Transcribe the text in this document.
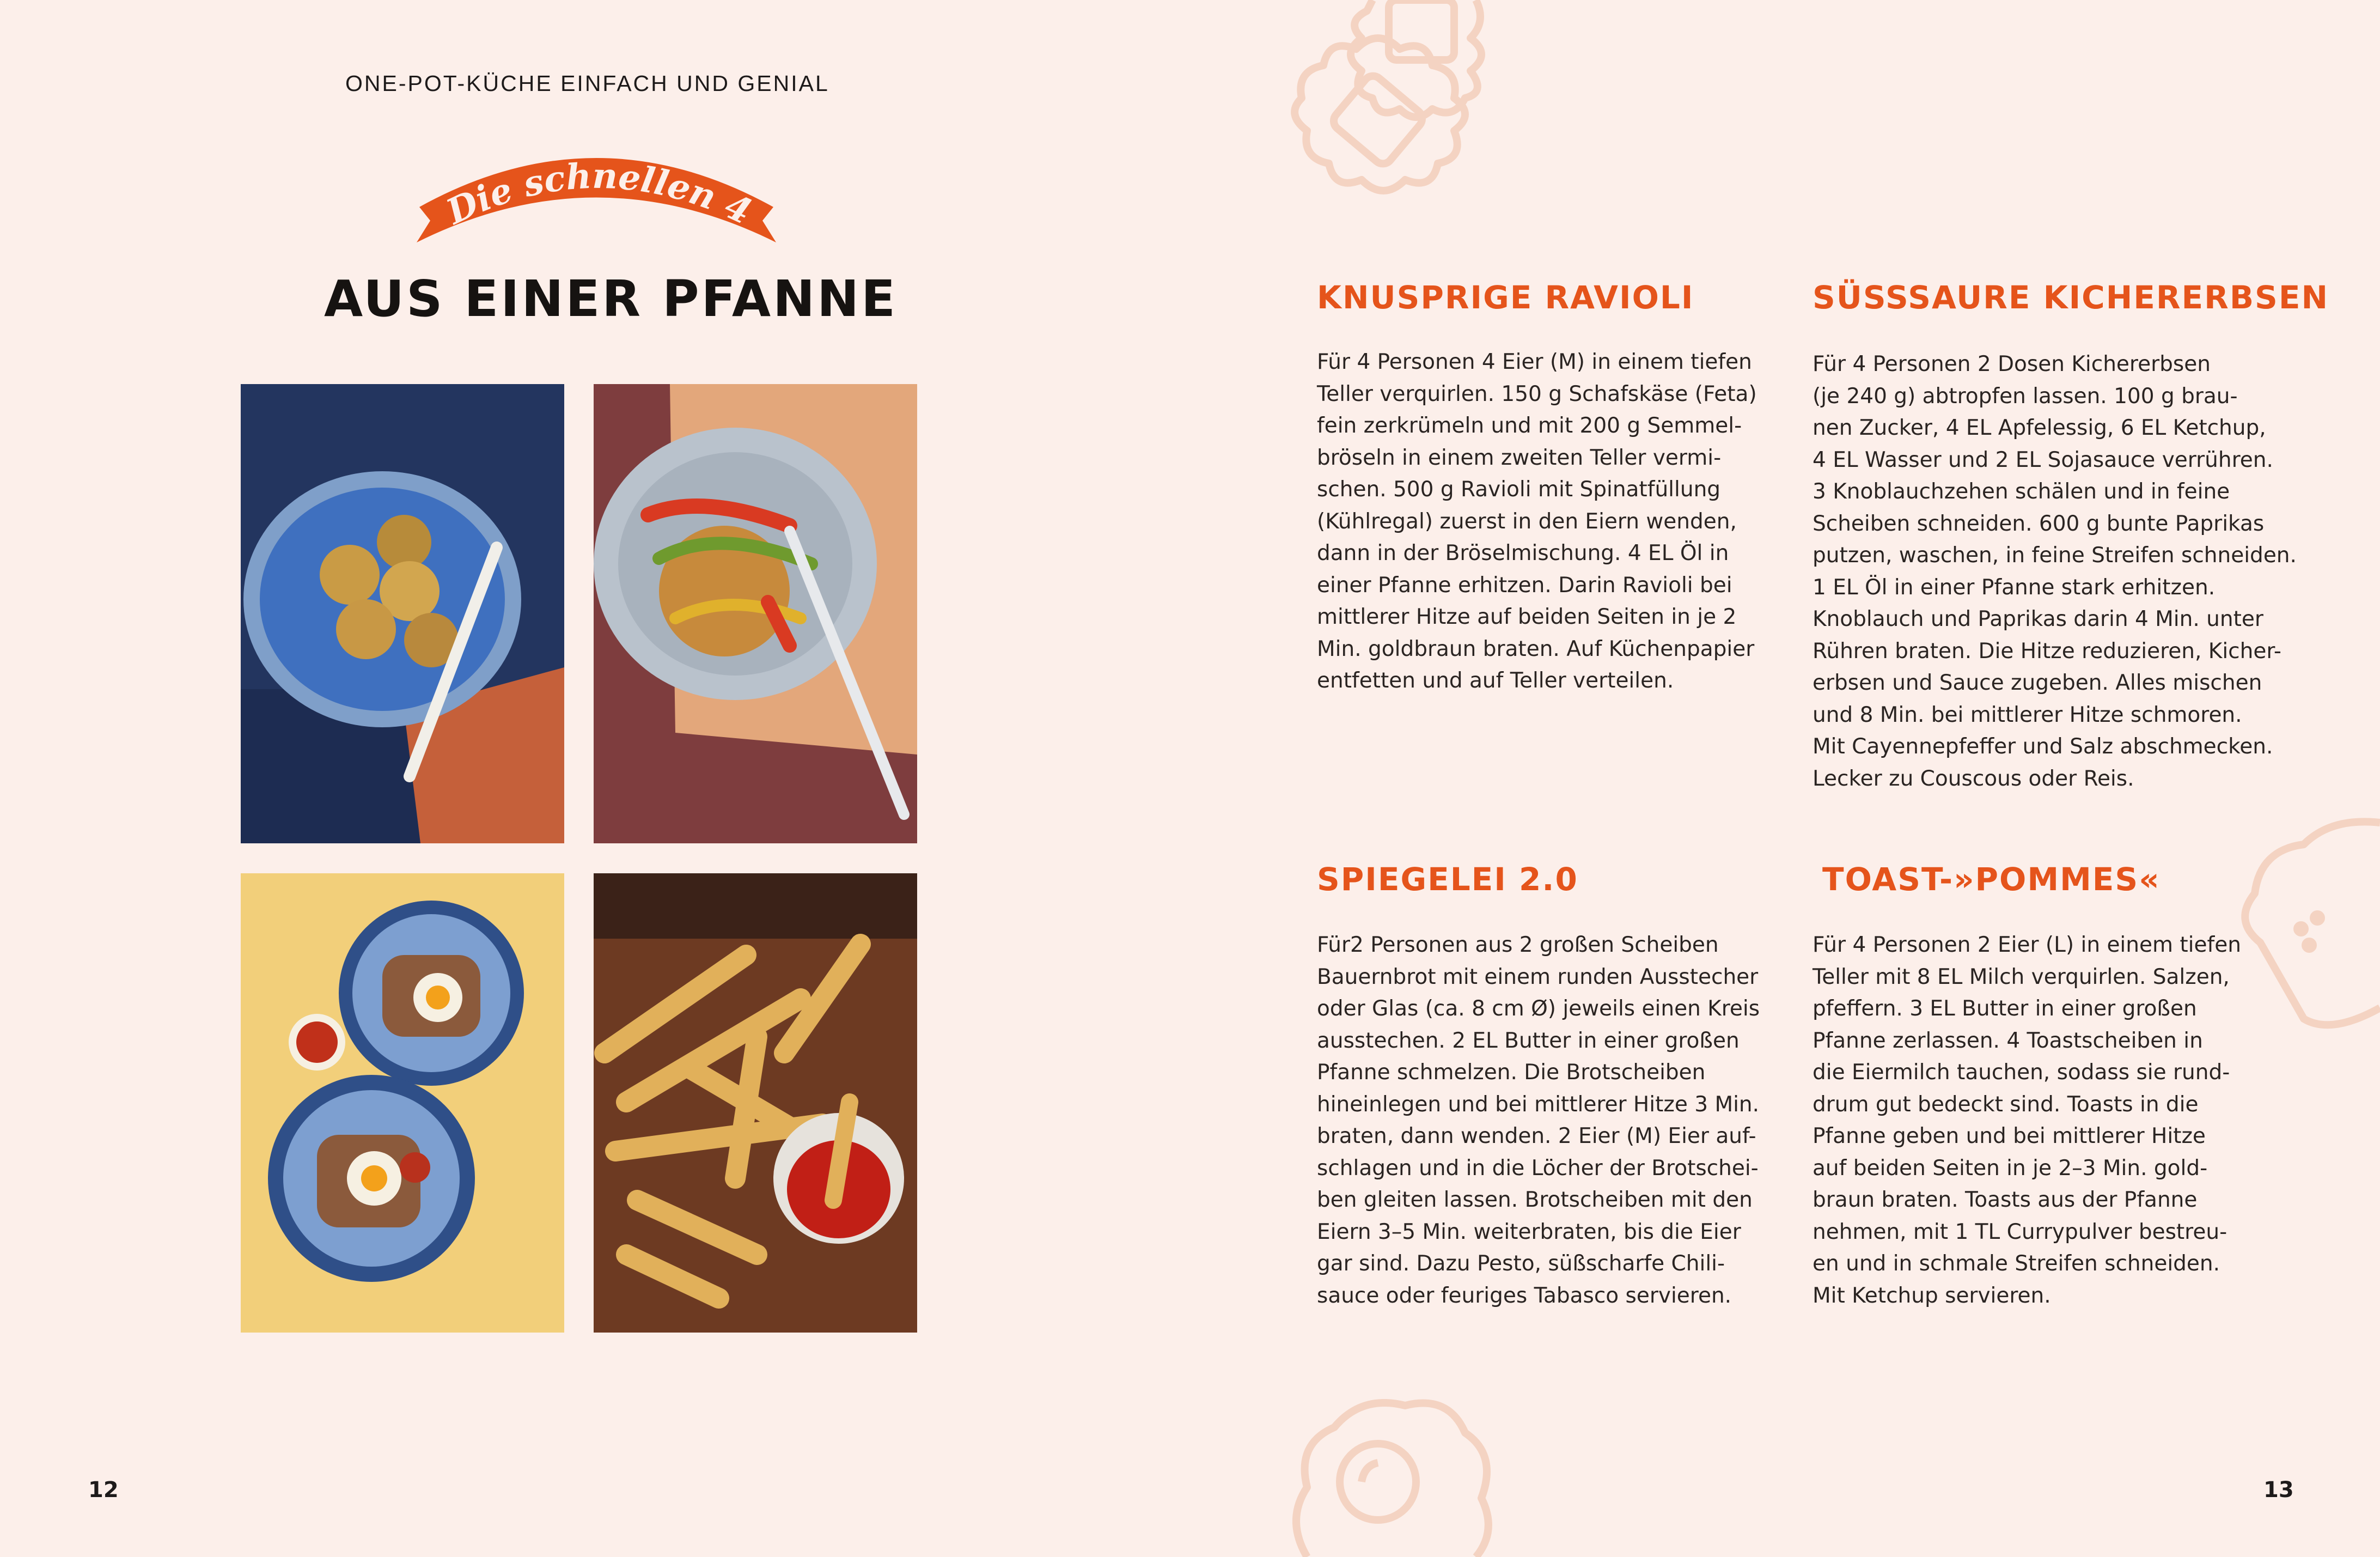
ONE-POT-KÜCHE EINFACH UND GENIAL
Die schnellen 4
AUS EINER PFANNE
12
KNUSPRIGE RAVIOLI
Für 4 Personen 4 Eier (M) in einem tiefen
Teller verquirlen. 150 g Schafskäse (Feta)
fein zerkrümeln und mit 200 g Semmel-
bröseln in einem zweiten Teller vermi-
schen. 500 g Ravioli mit Spinatfüllung
(Kühlregal) zuerst in den Eiern wenden,
dann in der Bröselmischung. 4 EL Öl in
einer Pfanne erhitzen. Darin Ravioli bei
mittlerer Hitze auf beiden Seiten in je 2
Min. goldbraun braten. Auf Küchenpapier
entfetten und auf Teller verteilen.
SÜSSSAURE KICHERERBSEN
Für 4 Personen 2 Dosen Kichererbsen
(je 240 g) abtropfen lassen. 100 g brau-
nen Zucker, 4 EL Apfelessig, 6 EL Ketchup,
4 EL Wasser und 2 EL Sojasauce verrühren.
3 Knoblauchzehen schälen und in feine
Scheiben schneiden. 600 g bunte Paprikas
putzen, waschen, in feine Streifen schneiden.
1 EL Öl in einer Pfanne stark erhitzen.
Knoblauch und Paprikas darin 4 Min. unter
Rühren braten. Die Hitze reduzieren, Kicher-
erbsen und Sauce zugeben. Alles mischen
und 8 Min. bei mittlerer Hitze schmoren.
Mit Cayennepfeffer und Salz abschmecken.
Lecker zu Couscous oder Reis.
SPIEGELEI 2.0
Für2 Personen aus 2 großen Scheiben
Bauernbrot mit einem runden Ausstecher
oder Glas (ca. 8 cm Ø) jeweils einen Kreis
ausstechen. 2 EL Butter in einer großen
Pfanne schmelzen. Die Brotscheiben
hineinlegen und bei mittlerer Hitze 3 Min.
braten, dann wenden. 2 Eier (M) Eier auf-
schlagen und in die Löcher der Brotschei-
ben gleiten lassen. Brotscheiben mit den
Eiern 3–5 Min. weiterbraten, bis die Eier
gar sind. Dazu Pesto, süßscharfe Chili-
sauce oder feuriges Tabasco servieren.
TOAST-»POMMES«
Für 4 Personen 2 Eier (L) in einem tiefen
Teller mit 8 EL Milch verquirlen. Salzen,
pfeffern. 3 EL Butter in einer großen
Pfanne zerlassen. 4 Toastscheiben in
die Eiermilch tauchen, sodass sie rund-
drum gut bedeckt sind. Toasts in die
Pfanne geben und bei mittlerer Hitze
auf beiden Seiten in je 2–3 Min. gold-
braun braten. Toasts aus der Pfanne
nehmen, mit 1 TL Currypulver bestreu-
en und in schmale Streifen schneiden.
Mit Ketchup servieren.
13
